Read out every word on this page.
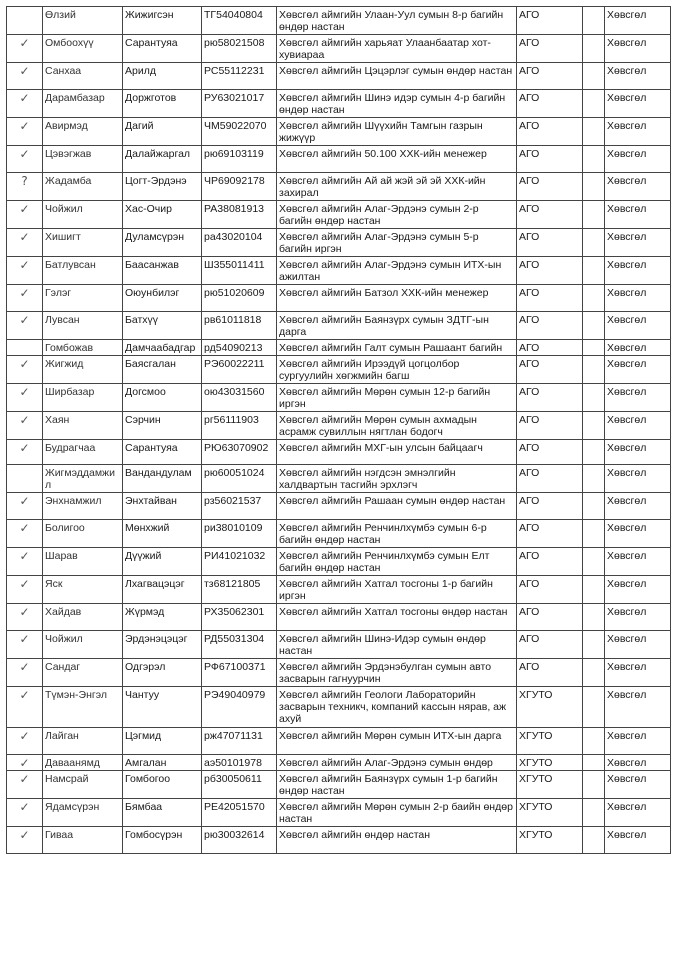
	Өлзий	Жижигсэн	ТГ54040804	Хөвсгөл аймгийн Улаан-Уул сумын 8-р багийн өндөр настан	АГО		Хөвсгөл
✓	Омбоохүү	Сарантуяа	рю58021508	Хөвсгөл аймгийн харьяат Улаанбаатар хот-хувиараа	АГО		Хөвсгөл
✓	Санхаа	Арилд	РС55112231	Хөвсгөл аймгийн Цэцэрлэг сумын өндөр настан	АГО		Хөвсгөл
✓	Дарамбазар	Доржготов	РУ63021017	Хөвсгөл аймгийн Шинэ идэр сумын 4-р багийн өндөр настан	АГО		Хөвсгөл
✓	Авирмэд	Дагий	ЧМ59022070	Хөвсгөл аймгийн Шүүхийн Тамгын газрын жижүүр	АГО		Хөвсгөл
✓	Цэвэгжав	Далайжаргал	рю69103119	Хөвсгөл аймгийн 50.100 ХХК-ийн менежер	АГО		Хөвсгөл
?	Жадамба	Цогт-Эрдэнэ	ЧР69092178	Хөвсгөл аймгийн Ай ай жэй эй эй ХХК-ийн захирал	АГО		Хөвсгөл
✓	Чойжил	Хас-Очир	РА38081913	Хөвсгөл аймгийн Алаг-Эрдэнэ сумын 2-р багийн өндөр настан	АГО		Хөвсгөл
✓	Хишигт	Дуламсүрэн	ра43020104	Хөвсгөл аймгийн Алаг-Эрдэнэ сумын 5-р багийн иргэн	АГО		Хөвсгөл
✓	Батлувсан	Баасанжав	Ш355011411	Хөвсгөл аймгийн Алаг-Эрдэнэ сумын ИТХ-ын ажилтан	АГО		Хөвсгөл
✓	Гэлэг	Оюунбилэг	рю51020609	Хөвсгөл аймгийн Батзол ХХК-ийн менежер	АГО		Хөвсгөл
✓	Лувсан	Батхүү	рв61011818	Хөвсгөл аймгийн Баянзүрх сумын ЗДТГ-ын дарга	АГО		Хөвсгөл
	Гомбожав	Дамчаабадгар	рд54090213	Хөвсгөл аймгийн Галт сумын Рашаант багийн	АГО		Хөвсгөл
✓	Жигжид	Баясгалан	РЭ60022211	Хөвсгөл аймгийн Ирээдүй цогцолбор сургуулийн хөгжмийн багш	АГО		Хөвсгөл
✓	Ширбазар	Догсмоо	ою43031560	Хөвсгөл аймгийн Мөрөн сумын 12-р багийн иргэн	АГО		Хөвсгөл
✓	Хаян	Сэрчин	рг56111903	Хөвсгөл аймгийн Мөрөн сумын ахмадын асрамж сувиллын нягтлан бодогч	АГО		Хөвсгөл
✓	Будрагчаа	Сарантуяа	РЮ63070902	Хөвсгөл аймгийн МХГ-ын улсын байцаагч	АГО		Хөвсгөл
	Жигмэддамжил	Вандандулам	рю60051024	Хөвсгөл аймгийн нэгдсэн эмнэлгийн халдвартын тасгийн эрхлэгч	АГО		Хөвсгөл
✓	Энхнамжил	Энхтайван	рз56021537	Хөвсгөл аймгийн Рашаан сумын өндөр настан	АГО		Хөвсгөл
✓	Болигоо	Мөнхжий	ри38010109	Хөвсгөл аймгийн Ренчинлхүмбэ сумын 6-р багийн өндөр настан	АГО		Хөвсгөл
✓	Шарав	Дүүжий	РИ41021032	Хөвсгөл аймгийн Ренчинлхүмбэ сумын Елт багийн өндөр настан	АГО		Хөвсгөл
✓	Яск	Лхагвацэцэг	тз68121805	Хөвсгөл аймгийн Хатгал тосгоны 1-р багийн иргэн	АГО		Хөвсгөл
✓	Хайдав	Жүрмэд	РХ35062301	Хөвсгөл аймгийн Хатгал тосгоны өндөр настан	АГО		Хөвсгөл
✓	Чойжил	Эрдэнэцэцэг	РД55031304	Хөвсгөл аймгийн Шинэ-Идэр сумын өндөр настан	АГО		Хөвсгөл
✓	Сандаг	Одгэрэл	РФ67100371	Хөвсгөл аймгийн Эрдэнэбулган сумын авто засварын гагнуурчин	АГО		Хөвсгөл
✓	Түмэн-Энгэл	Чантуу	РЭ49040979	Хөвсгөл аймгийн Геологи Лабораторийн засварын техникч, компаний кассын нярав, аж ахуй	ХГУТО		Хөвсгөл
✓	Лайган	Цэгмид	рж47071131	Хөвсгөл аймгийн Мөрөн сумын ИТХ-ын дарга	ХГУТО		Хөвсгөл
✓	Даваанямд	Амгалан	аэ50101978	Хөвсгөл аймгийн Алаг-Эрдэнэ сумын өндөр	ХГУТО		Хөвсгөл
✓	Намсрай	Гомбогоо	рб30050611	Хөвсгөл аймгийн Баянзүрх сумын 1-р багийн өндөр настан	ХГУТО		Хөвсгөл
✓	Ядамсүрэн	Бямбаа	РЕ42051570	Хөвсгөл аймгийн Мөрөн сумын 2-р баийн өндөр настан	ХГУТО		Хөвсгөл
✓	Гиваа	Гомбосүрэн	рю30032614	Хөвсгөл аймгийн өндөр настан	ХГУТО		Хөвсгөл
